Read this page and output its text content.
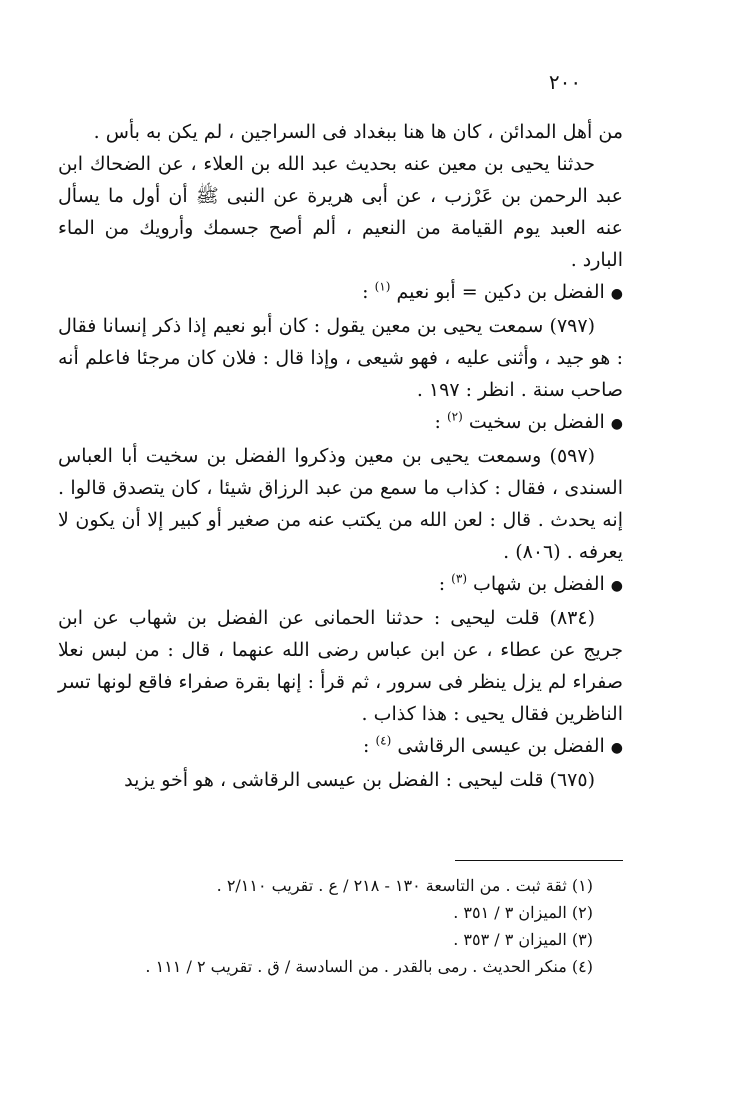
٢٠٠

من أهل المدائن ، كان ها هنا ببغداد فى السراجين ، لم يكن به بأس .

حدثنا يحيى بن معين عنه بحديث عبد الله بن العلاء ، عن الضحاك ابن عبد الرحمن بن عَرْزب ، عن أبى هريرة عن النبى ﷺ أن أول ما يسأل عنه العبد يوم القيامة من النعيم ، ألم أصح جسمك وأرويك من الماء البارد .

●الفضل بن دكين = أبو نعيم $^{(١)}$ :

(٧٩٧) سمعت يحيى بن معين يقول : كان أبو نعيم إذا ذكر إنسانا فقال : هو جيد ، وأثنى عليه ، فهو شيعى ، وإذا قال : فلان كان مرجئا فاعلم أنه صاحب سنة . انظر : ١٩٧ .

●الفضل بن سخيت $^{(٢)}$ :

(٥٩٧) وسمعت يحيى بن معين وذكروا الفضل بن سخيت أبا العباس السندى ، فقال : كذاب ما سمع من عبد الرزاق شيئا ، كان يتصدق قالوا . إنه يحدث . قال : لعن الله من يكتب عنه من صغير أو كبير إلا أن يكون لا يعرفه . (٨٠٦) .

●الفضل بن شهاب $^{(٣)}$ :

(٨٣٤) قلت ليحيى : حدثنا الحمانى عن الفضل بن شهاب عن ابن جريج عن عطاء ، عن ابن عباس رضى الله عنهما ، قال : من لبس نعلا صفراء لم يزل ينظر فى سرور ، ثم قرأ : إنها بقرة صفراء فاقع لونها تسر الناظرين فقال يحيى : هذا كذاب .

●الفضل بن عيسى الرقاشى $^{(٤)}$ :

(٦٧٥) قلت ليحيى : الفضل بن عيسى الرقاشى ، هو أخو يزيد

(١) ثقة ثبت . من التاسعة ١٣٠ - ٢١٨ / ع . تقريب ٢/١١٠ .

(٢) الميزان ٣ / ٣٥١ .

(٣) الميزان ٣ / ٣٥٣ .

(٤) منكر الحديث . رمى بالقدر . من السادسة / ق . تقريب ٢ / ١١١ .
